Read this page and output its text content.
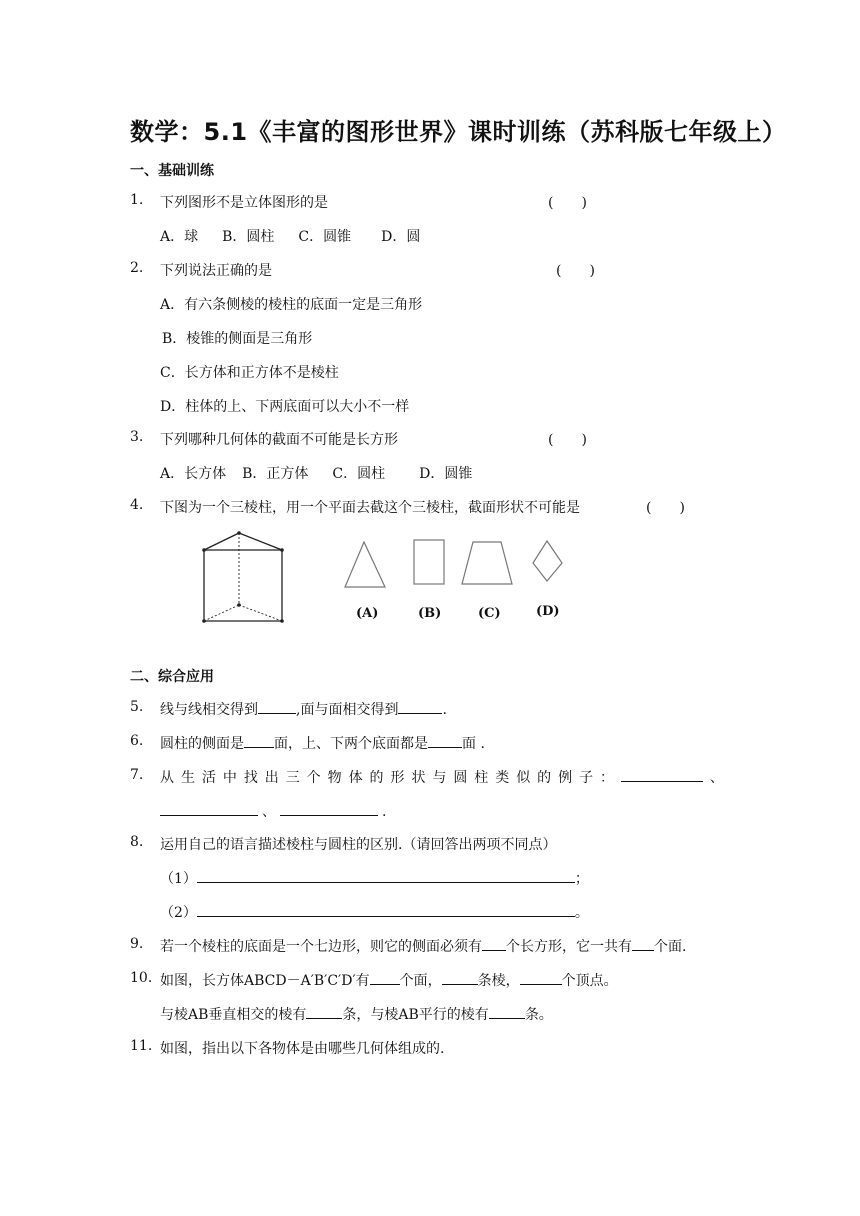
数学：5.1《丰富的图形世界》课时训练（苏科版七年级上）
一、基础训练
1. 下列图形不是立体图形的是	(　　)
A．球 B．圆柱 C．圆锥 D．圆
2. 下列说法正确的是	(　　)
A．有六条侧棱的棱柱的底面一定是三角形
B．棱锥的侧面是三角形
C．长方体和正方体不是棱柱
D．柱体的上、下两底面可以大小不一样
3. 下列哪种几何体的截面不可能是长方形	(　　)
A．长方体 B．正方体 C．圆柱 D．圆锥
4. 下图为一个三棱柱，用一个平面去截这个三棱柱，截面形状不可能是	(　　)
(A)	(B)	(C)	(D)
二、综合应用
5. 线与线相交得到	,面与面相交得到	.
6. 圆柱的侧面是 面，上、下两个底面都是 面 .
7. 从 生 活 中 找 出 三 个 物 体 的 形 状 与 圆 柱 类 似 的 例 子 ：	、
、	.
8. 运用自己的语言描述棱柱与圆柱的区别.（请回答出两项不同点）
（1）	；
（2）	。
9. 若一个棱柱的底面是一个七边形，则它的侧面必须有 个长方形，它一共有 个面.
10. 如图，长方体ABCD－A′B′C′D′有 个面，	条棱，	个顶点。
与棱AB垂直相交的棱有	条，与棱AB平行的棱有	条。
11. 如图，指出以下各物体是由哪些几何体组成的.
